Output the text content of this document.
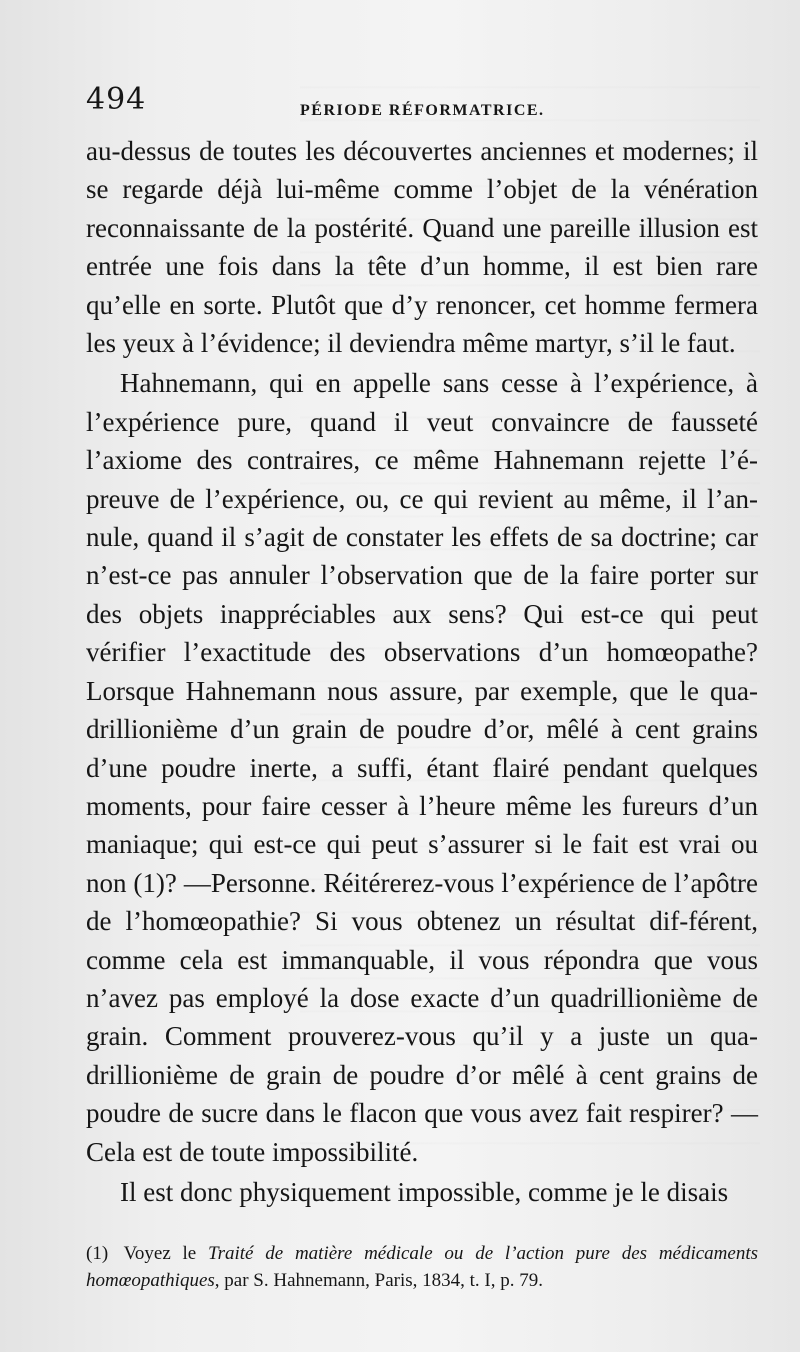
494	PÉRIODE RÉFORMATRICE.

au-dessus de toutes les découvertes anciennes et modernes; il se regarde déjà lui-même comme l’objet de la vénération reconnaissante de la postérité. Quand une pareille illusion est entrée une fois dans la tête d’un homme, il est bien rare qu’elle en sorte. Plutôt que d’y renoncer, cet homme fermera les yeux à l’évidence; il deviendra même martyr, s’il le faut.

Hahnemann, qui en appelle sans cesse à l’expérience, à l’expérience pure, quand il veut convaincre de fausseté l’axiome des contraires, ce même Hahnemann rejette l’é-preuve de l’expérience, ou, ce qui revient au même, il l’an-nule, quand il s’agit de constater les effets de sa doctrine; car n’est-ce pas annuler l’observation que de la faire porter sur des objets inappréciables aux sens? Qui est-ce qui peut vérifier l’exactitude des observations d’un homœopathe? Lorsque Hahnemann nous assure, par exemple, que le qua-drillionième d’un grain de poudre d’or, mêlé à cent grains d’une poudre inerte, a suffi, étant flairé pendant quelques moments, pour faire cesser à l’heure même les fureurs d’un maniaque; qui est-ce qui peut s’assurer si le fait est vrai ou non (1)? —Personne. Réitérerez-vous l’expérience de l’apôtre de l’homœopathie? Si vous obtenez un résultat dif-férent, comme cela est immanquable, il vous répondra que vous n’avez pas employé la dose exacte d’un quadrillionième de grain. Comment prouverez-vous qu’il y a juste un qua-drillionième de grain de poudre d’or mêlé à cent grains de poudre de sucre dans le flacon que vous avez fait respirer? — Cela est de toute impossibilité.

Il est donc physiquement impossible, comme je le disais

(1) Voyez le Traité de matière médicale ou de l’action pure des médicaments homœopathiques, par S. Hahnemann, Paris, 1834, t. I, p. 79.
